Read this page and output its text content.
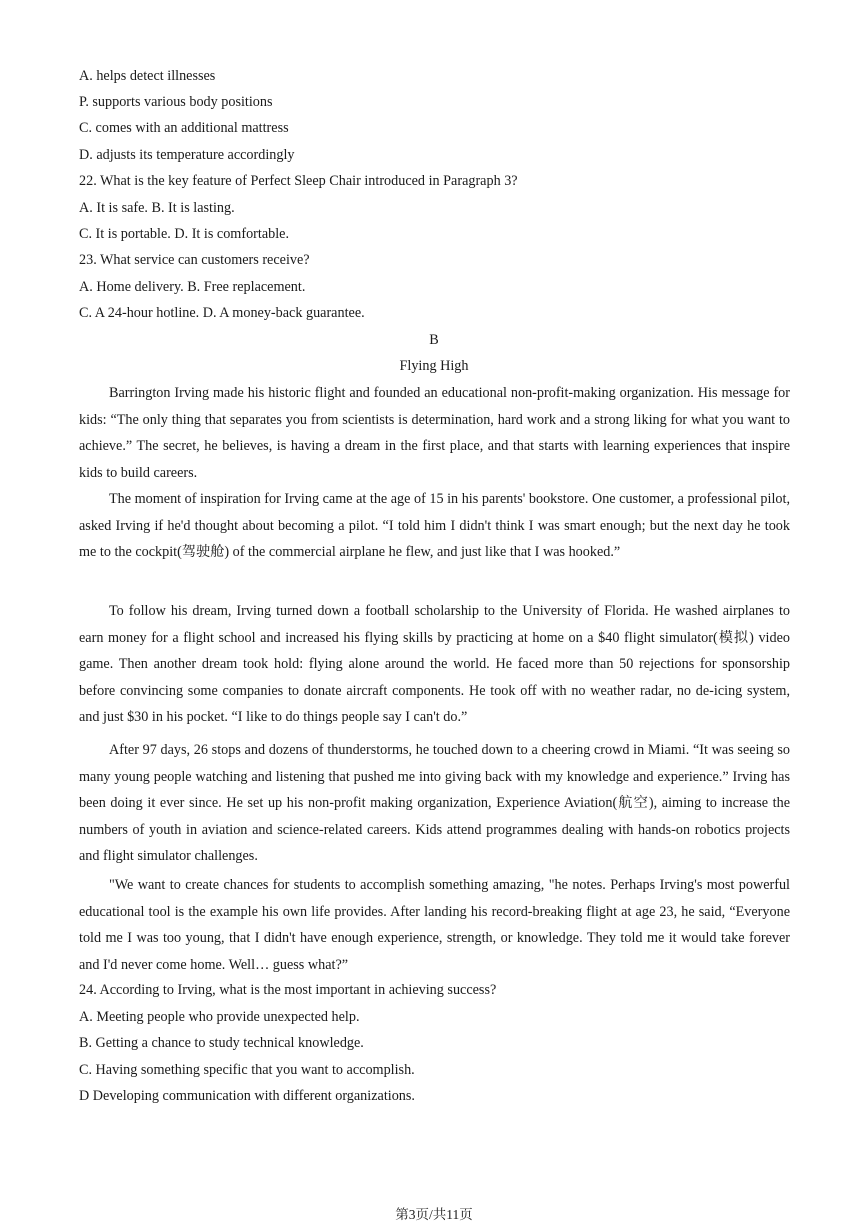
A. helps detect illnesses
P. supports various body positions
C. comes with an additional mattress
D. adjusts its temperature accordingly
22. What is the key feature of Perfect Sleep Chair introduced in Paragraph 3?
A. It is safe. B. It is lasting.
C. It is portable. D. It is comfortable.
23. What service can customers receive?
A. Home delivery. B. Free replacement.
C. A 24-hour hotline. D. A money-back guarantee.
B
Flying High
Barrington Irving made his historic flight and founded an educational non-profit-making organization. His message for kids: “The only thing that separates you from scientists is determination, hard work and a strong liking for what you want to achieve.” The secret, he believes, is having a dream in the first place, and that starts with learning experiences that inspire kids to build careers.
The moment of inspiration for Irving came at the age of 15 in his parents' bookstore. One customer, a professional pilot, asked Irving if he'd thought about becoming a pilot. “I told him I didn't think I was smart enough; but the next day he took me to the cockpit(驾驶舱) of the commercial airplane he flew, and just like that I was hooked.”
To follow his dream, Irving turned down a football scholarship to the University of Florida. He washed airplanes to earn money for a flight school and increased his flying skills by practicing at home on a $40 flight simulator(模拟) video game. Then another dream took hold: flying alone around the world. He faced more than 50 rejections for sponsorship before convincing some companies to donate aircraft components. He took off with no weather radar, no de-icing system, and just $30 in his pocket. “I like to do things people say I can't do.”
After 97 days, 26 stops and dozens of thunderstorms, he touched down to a cheering crowd in Miami. “It was seeing so many young people watching and listening that pushed me into giving back with my knowledge and experience.” Irving has been doing it ever since. He set up his non-profit making organization, Experience Aviation(航空), aiming to increase the numbers of youth in aviation and science-related careers. Kids attend programmes dealing with hands-on robotics projects and flight simulator challenges.
"We want to create chances for students to accomplish something amazing, "he notes. Perhaps Irving's most powerful educational tool is the example his own life provides. After landing his record-breaking flight at age 23, he said, “Everyone told me I was too young, that I didn't have enough experience, strength, or knowledge. They told me it would take forever and I'd never come home. Well… guess what?”
24. According to Irving, what is the most important in achieving success?
A. Meeting people who provide unexpected help.
B. Getting a chance to study technical knowledge.
C. Having something specific that you want to accomplish.
D Developing communication with different organizations.
第3页/共11页
